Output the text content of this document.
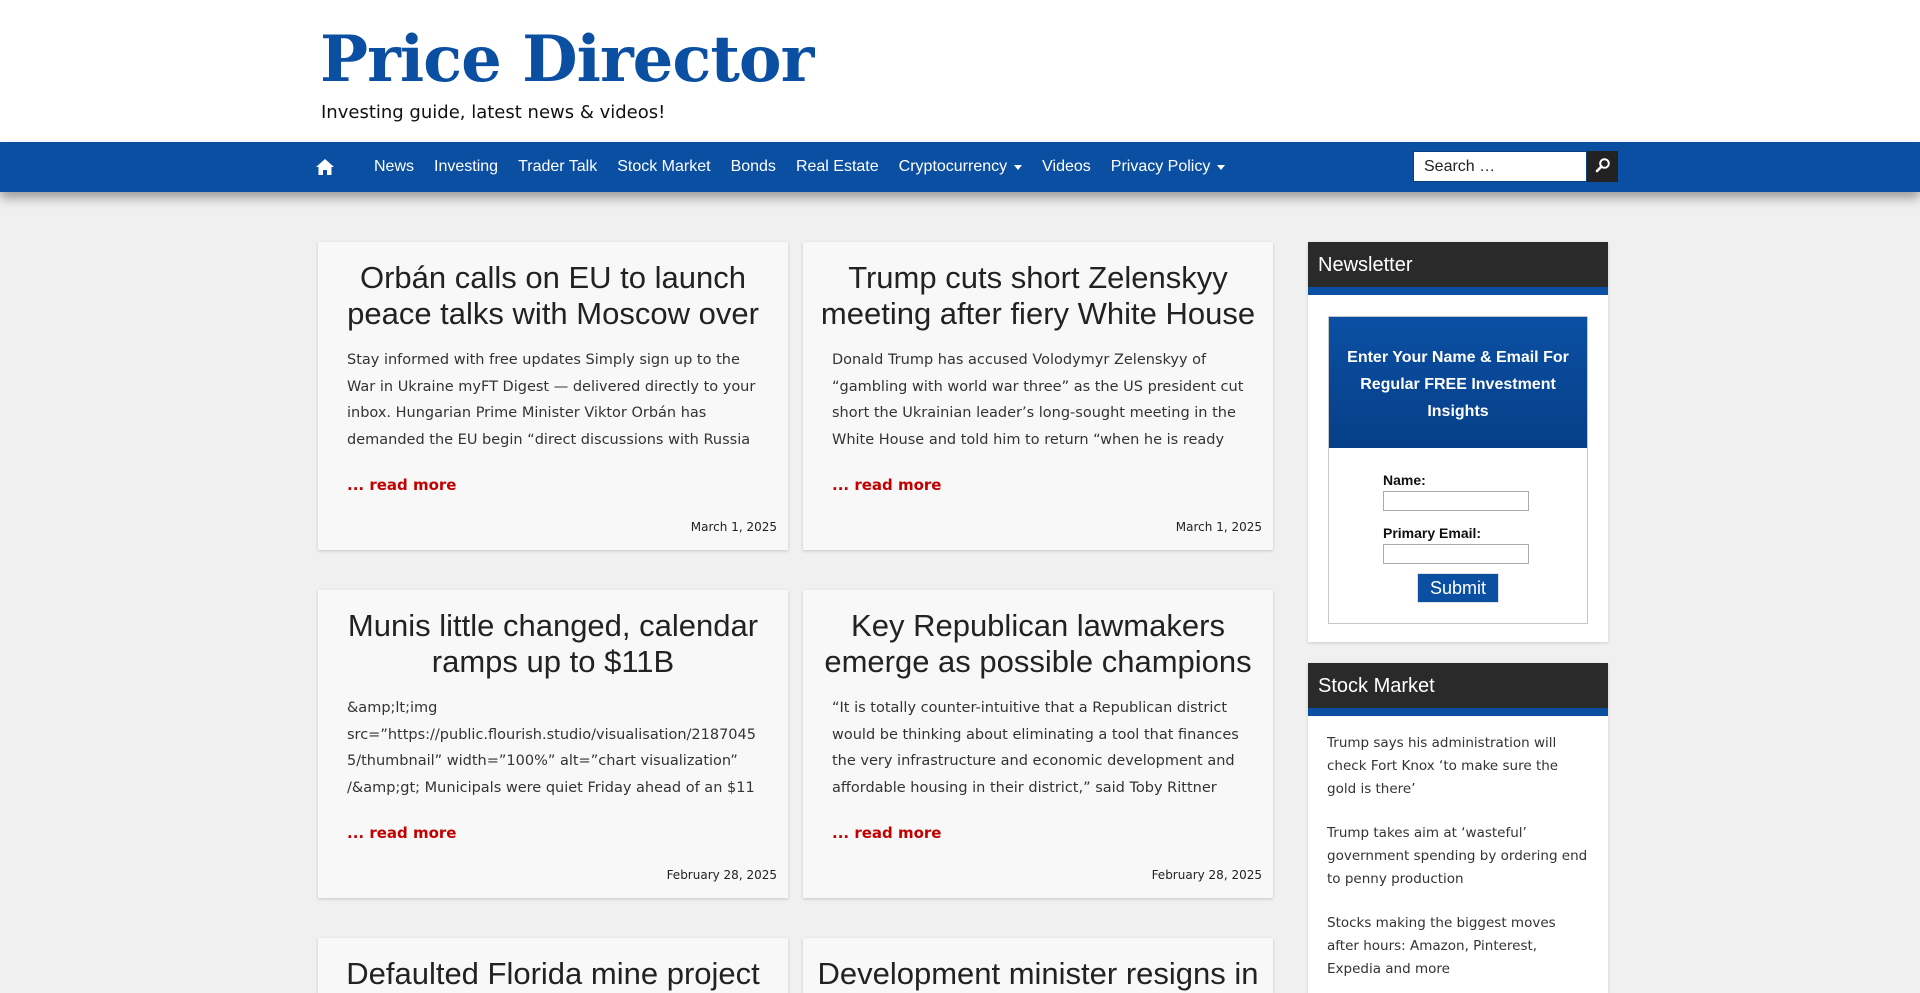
Price Director
Investing guide, latest news & videos!
News Investing Trader Talk Stock Market Bonds Real Estate Cryptocurrency Videos Privacy Policy
Search …
Orbán calls on EU to launch peace talks with Moscow over
Stay informed with free updates Simply sign up to the War in Ukraine myFT Digest — delivered directly to your inbox. Hungarian Prime Minister Viktor Orbán has demanded the EU begin “direct discussions with Russia
... read more
March 1, 2025
Trump cuts short Zelenskyy meeting after fiery White House
Donald Trump has accused Volodymyr Zelenskyy of “gambling with world war three” as the US president cut short the Ukrainian leader’s long-sought meeting in the White House and told him to return “when he is ready
... read more
March 1, 2025
Munis little changed, calendar ramps up to $11B
&amp;lt;img src=”https://public.flourish.studio/visualisation/21870455/thumbnail” width=”100%” alt=”chart visualization” /&amp;gt; Municipals were quiet Friday ahead of an $11
... read more
February 28, 2025
Key Republican lawmakers emerge as possible champions
“It is totally counter-intuitive that a Republican district would be thinking about eliminating a tool that finances the very infrastructure and economic development and affordable housing in their district,” said Toby Rittner
... read more
February 28, 2025
Defaulted Florida mine project	Development minister resigns in
Newsletter
Enter Your Name & Email For Regular FREE Investment Insights
Name:
Primary Email:
Submit
Stock Market
Trump says his administration will check Fort Knox ‘to make sure the gold is there’
Trump takes aim at ‘wasteful’ government spending by ordering end to penny production
Stocks making the biggest moves after hours: Amazon, Pinterest, Expedia and more
